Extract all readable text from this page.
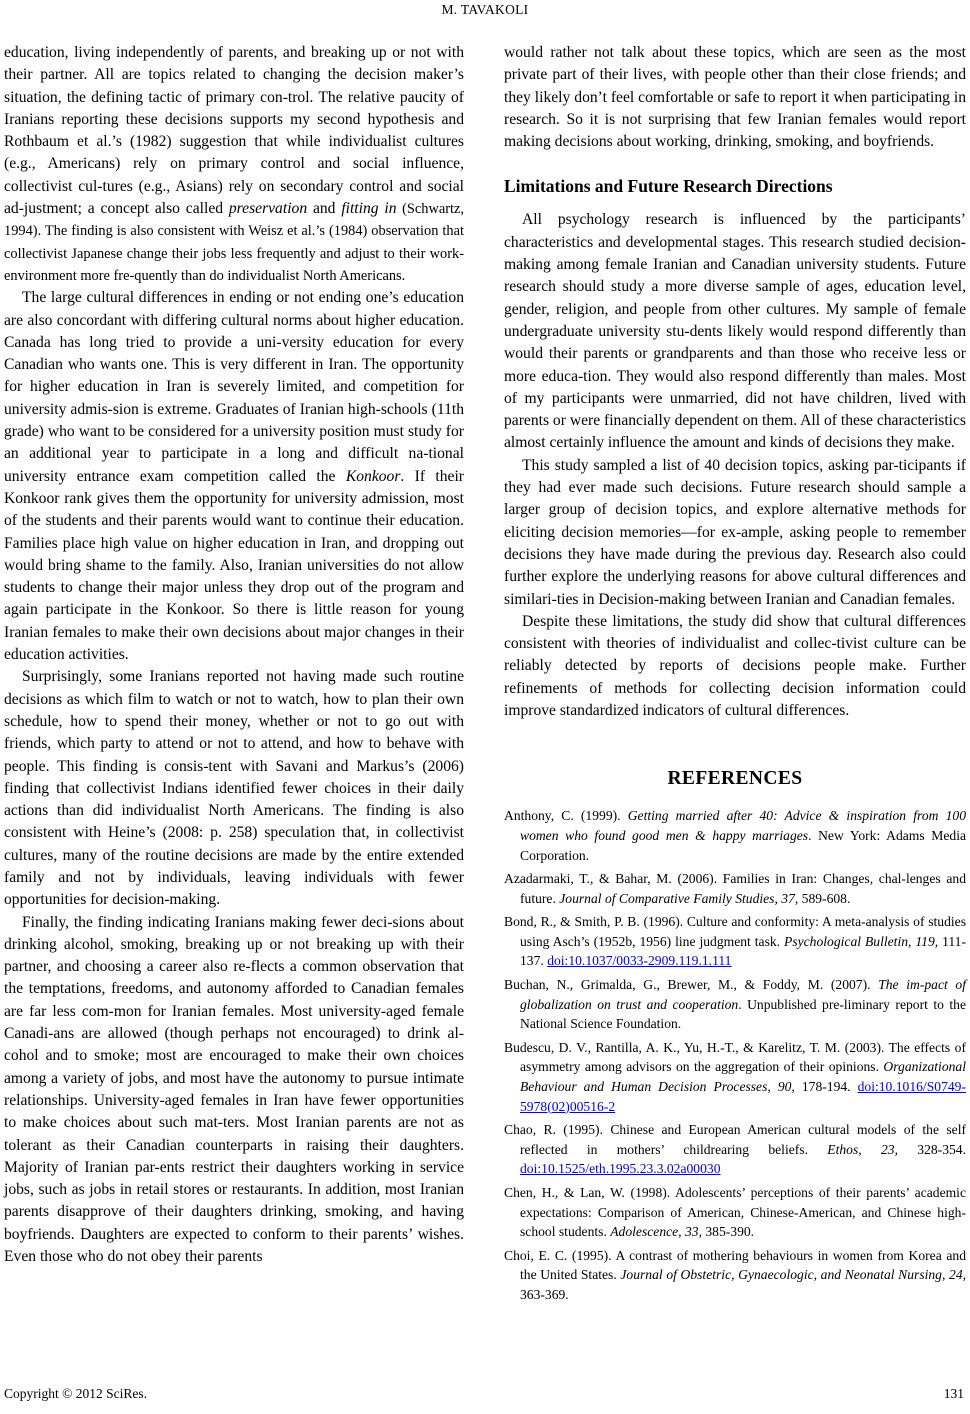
M. TAVAKOLI

education, living independently of parents, and breaking up or not with their partner. All are topics related to changing the decision maker’s situation, the defining tactic of primary con-trol. The relative paucity of Iranians reporting these decisions supports my second hypothesis and Rothbaum et al.’s (1982) suggestion that while individualist cultures (e.g., Americans) rely on primary control and social influence, collectivist cul-tures (e.g., Asians) rely on secondary control and social ad-justment; a concept also called preservation and fitting in (Schwartz, 1994). The finding is also consistent with Weisz et al.’s (1984) observation that collectivist Japanese change their jobs less frequently and adjust to their work-environment more fre-quently than do individualist North Americans.

The large cultural differences in ending or not ending one’s education are also concordant with differing cultural norms about higher education. Canada has long tried to provide a uni-versity education for every Canadian who wants one. This is very different in Iran. The opportunity for higher education in Iran is severely limited, and competition for university admis-sion is extreme. Graduates of Iranian high-schools (11th grade) who want to be considered for a university position must study for an additional year to participate in a long and difficult na-tional university entrance exam competition called the Konkoor. If their Konkoor rank gives them the opportunity for university admission, most of the students and their parents would want to continue their education. Families place high value on higher education in Iran, and dropping out would bring shame to the family. Also, Iranian universities do not allow students to change their major unless they drop out of the program and again participate in the Konkoor. So there is little reason for young Iranian females to make their own decisions about major changes in their education activities.

Surprisingly, some Iranians reported not having made such routine decisions as which film to watch or not to watch, how to plan their own schedule, how to spend their money, whether or not to go out with friends, which party to attend or not to attend, and how to behave with people. This finding is consis-tent with Savani and Markus’s (2006) finding that collectivist Indians identified fewer choices in their daily actions than did individualist North Americans. The finding is also consistent with Heine’s (2008: p. 258) speculation that, in collectivist cultures, many of the routine decisions are made by the entire extended family and not by individuals, leaving individuals with fewer opportunities for decision-making.

Finally, the finding indicating Iranians making fewer deci-sions about drinking alcohol, smoking, breaking up or not breaking up with their partner, and choosing a career also re-flects a common observation that the temptations, freedoms, and autonomy afforded to Canadian females are far less com-mon for Iranian females. Most university-aged female Canadi-ans are allowed (though perhaps not encouraged) to drink al-cohol and to smoke; most are encouraged to make their own choices among a variety of jobs, and most have the autonomy to pursue intimate relationships. University-aged females in Iran have fewer opportunities to make choices about such mat-ters. Most Iranian parents are not as tolerant as their Canadian counterparts in raising their daughters. Majority of Iranian par-ents restrict their daughters working in service jobs, such as jobs in retail stores or restaurants. In addition, most Iranian parents disapprove of their daughters drinking, smoking, and having boyfriends. Daughters are expected to conform to their parents’ wishes. Even those who do not obey their parents

would rather not talk about these topics, which are seen as the most private part of their lives, with people other than their close friends; and they likely don’t feel comfortable or safe to report it when participating in research. So it is not surprising that few Iranian females would report making decisions about working, drinking, smoking, and boyfriends.

Limitations and Future Research Directions

All psychology research is influenced by the participants’ characteristics and developmental stages. This research studied decision-making among female Iranian and Canadian university students. Future research should study a more diverse sample of ages, education level, gender, religion, and people from other cultures. My sample of female undergraduate university stu-dents likely would respond differently than would their parents or grandparents and than those who receive less or more educa-tion. They would also respond differently than males. Most of my participants were unmarried, did not have children, lived with parents or were financially dependent on them. All of these characteristics almost certainly influence the amount and kinds of decisions they make.

This study sampled a list of 40 decision topics, asking par-ticipants if they had ever made such decisions. Future research should sample a larger group of decision topics, and explore alternative methods for eliciting decision memories—for ex-ample, asking people to remember decisions they have made during the previous day. Research also could further explore the underlying reasons for above cultural differences and similari-ties in Decision-making between Iranian and Canadian females.

Despite these limitations, the study did show that cultural differences consistent with theories of individualist and collec-tivist culture can be reliably detected by reports of decisions people make. Further refinements of methods for collecting decision information could improve standardized indicators of cultural differences.

REFERENCES
Anthony, C. (1999). Getting married after 40: Advice & inspiration from 100 women who found good men & happy marriages. New York: Adams Media Corporation.
Azadarmaki, T., & Bahar, M. (2006). Families in Iran: Changes, chal-lenges and future. Journal of Comparative Family Studies, 37, 589-608.
Bond, R., & Smith, P. B. (1996). Culture and conformity: A meta-analysis of studies using Asch’s (1952b, 1956) line judgment task. Psychological Bulletin, 119, 111-137. doi:10.1037/0033-2909.119.1.111
Buchan, N., Grimalda, G., Brewer, M., & Foddy, M. (2007). The im-pact of globalization on trust and cooperation. Unpublished pre-liminary report to the National Science Foundation.
Budescu, D. V., Rantilla, A. K., Yu, H.-T., & Karelitz, T. M. (2003). The effects of asymmetry among advisors on the aggregation of their opinions. Organizational Behaviour and Human Decision Processes, 90, 178-194. doi:10.1016/S0749-5978(02)00516-2
Chao, R. (1995). Chinese and European American cultural models of the self reflected in mothers’ childrearing beliefs. Ethos, 23, 328-354. doi:10.1525/eth.1995.23.3.02a00030
Chen, H., & Lan, W. (1998). Adolescents’ perceptions of their parents’ academic expectations: Comparison of American, Chinese-American, and Chinese high-school students. Adolescence, 33, 385-390.
Choi, E. C. (1995). A contrast of mothering behaviours in women from Korea and the United States. Journal of Obstetric, Gynaecologic, and Neonatal Nursing, 24, 363-369.
Copyright © 2012 SciRes.	131
